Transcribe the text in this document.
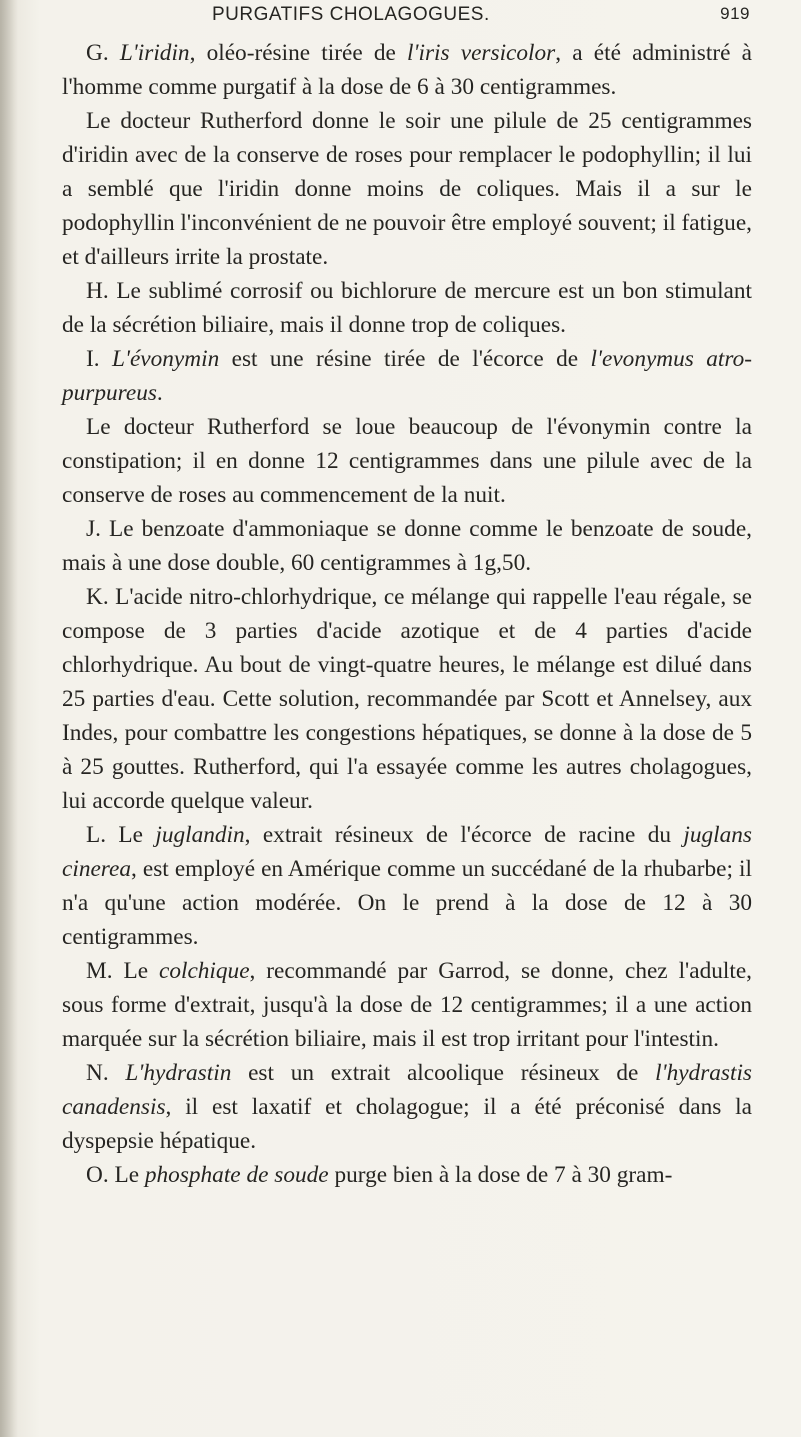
PURGATIFS CHOLAGOGUES.	919

G. L'iridin, oléo-résine tirée de l'iris versicolor, a été administré à l'homme comme purgatif à la dose de 6 à 30 centigrammes.

Le docteur Rutherford donne le soir une pilule de 25 centigrammes d'iridin avec de la conserve de roses pour remplacer le podophyllin; il lui a semblé que l'iridin donne moins de coliques. Mais il a sur le podophyllin l'inconvénient de ne pouvoir être employé souvent; il fatigue, et d'ailleurs irrite la prostate.

H. Le sublimé corrosif ou bichlorure de mercure est un bon stimulant de la sécrétion biliaire, mais il donne trop de coliques.

I. L'évonymin est une résine tirée de l'écorce de l'evonymus atro-purpureus.

Le docteur Rutherford se loue beaucoup de l'évonymin contre la constipation; il en donne 12 centigrammes dans une pilule avec de la conserve de roses au commencement de la nuit.

J. Le benzoate d'ammoniaque se donne comme le benzoate de soude, mais à une dose double, 60 centigrammes à 1g,50.

K. L'acide nitro-chlorhydrique, ce mélange qui rappelle l'eau régale, se compose de 3 parties d'acide azotique et de 4 parties d'acide chlorhydrique. Au bout de vingt-quatre heures, le mélange est dilué dans 25 parties d'eau. Cette solution, recommandée par Scott et Annelsey, aux Indes, pour combattre les congestions hépatiques, se donne à la dose de 5 à 25 gouttes. Rutherford, qui l'a essayée comme les autres cholagogues, lui accorde quelque valeur.

L. Le juglandin, extrait résineux de l'écorce de racine du juglans cinerea, est employé en Amérique comme un succédané de la rhubarbe; il n'a qu'une action modérée. On le prend à la dose de 12 à 30 centigrammes.

M. Le colchique, recommandé par Garrod, se donne, chez l'adulte, sous forme d'extrait, jusqu'à la dose de 12 centigrammes; il a une action marquée sur la sécrétion biliaire, mais il est trop irritant pour l'intestin.

N. L'hydrastin est un extrait alcoolique résineux de l'hydrastis canadensis, il est laxatif et cholagogue; il a été préconisé dans la dyspepsie hépatique.

O. Le phosphate de soude purge bien à la dose de 7 à 30 gram-
